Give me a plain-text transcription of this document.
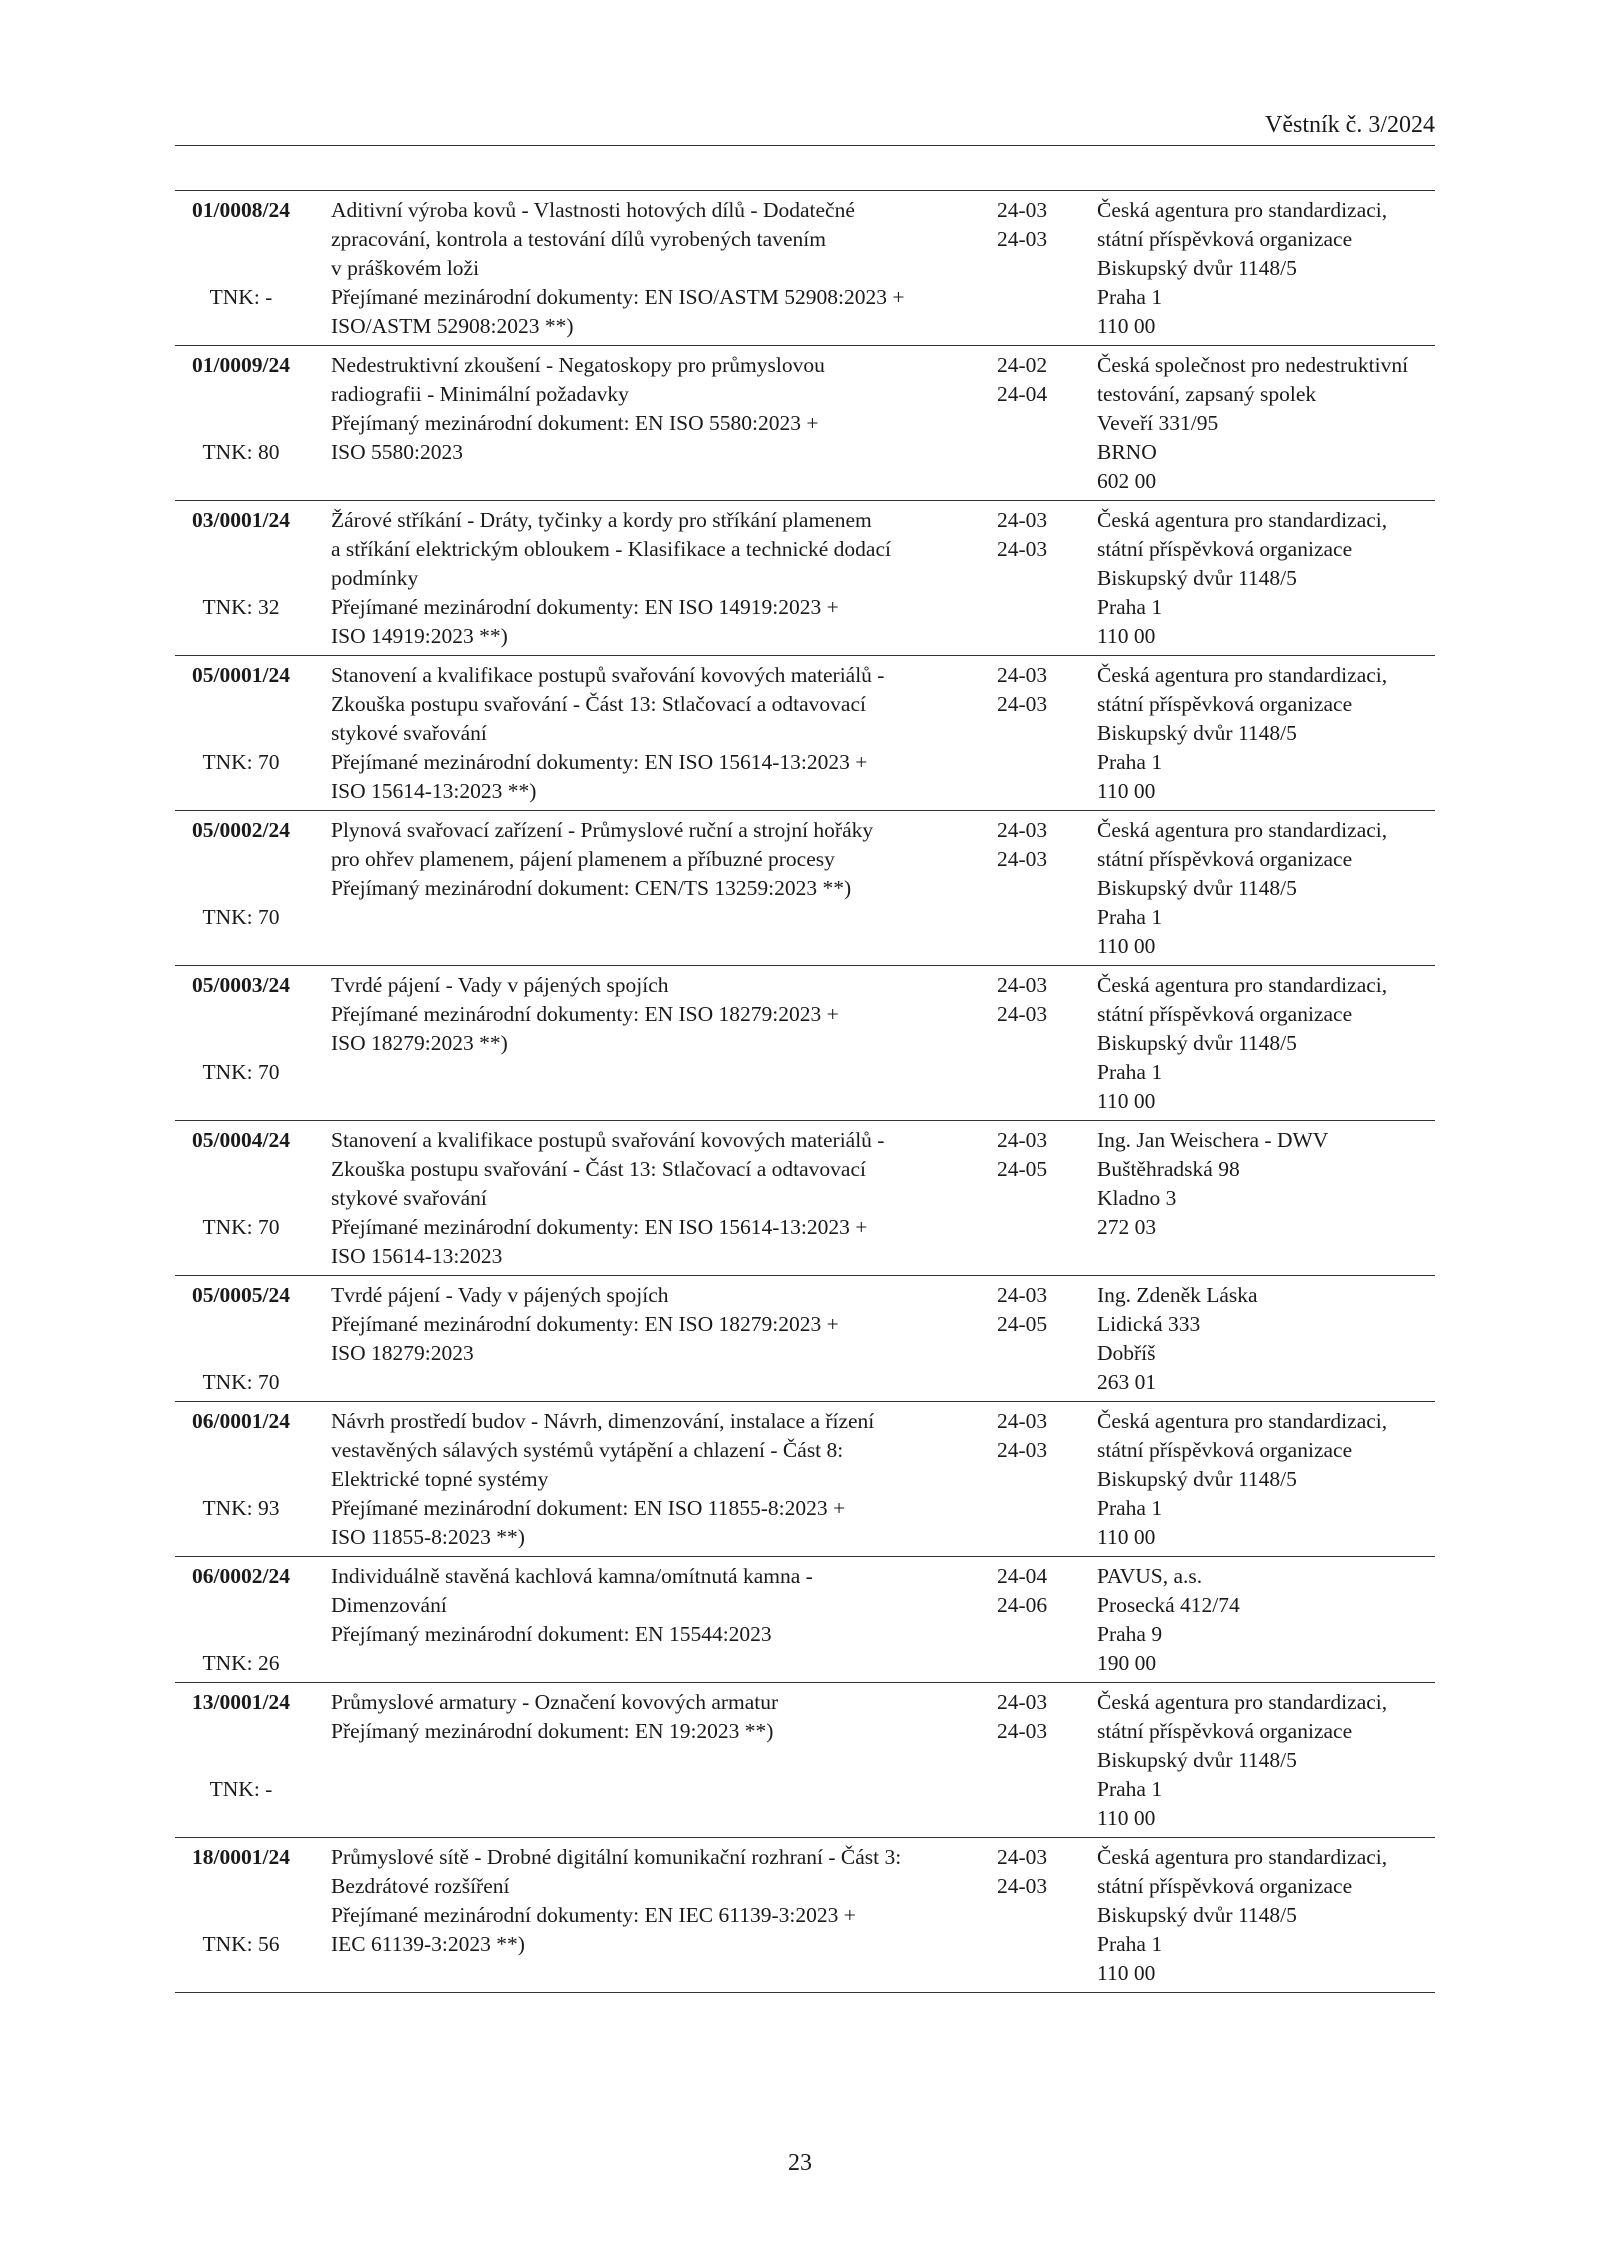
Věstník č. 3/2024
01/0008/24
TNK: -
Aditivní výroba kovů - Vlastnosti hotových dílů - Dodatečné
zpracování, kontrola a testování dílů vyrobených tavením
v práškovém loži
Přejímané mezinárodní dokumenty: EN ISO/ASTM 52908:2023 +
ISO/ASTM 52908:2023 **)
24-03
24-03
Česká agentura pro standardizaci,
státní příspěvková organizace
Biskupský dvůr 1148/5
Praha 1
110 00
01/0009/24
TNK: 80
Nedestruktivní zkoušení - Negatoskopy pro průmyslovou
radiografii - Minimální požadavky
Přejímaný mezinárodní dokument: EN ISO 5580:2023 +
ISO 5580:2023
24-02
24-04
Česká společnost pro nedestruktivní
testování, zapsaný spolek
Veveří 331/95
BRNO
602 00
03/0001/24
TNK: 32
Žárové stříkání - Dráty, tyčinky a kordy pro stříkání plamenem
a stříkání elektrickým obloukem - Klasifikace a technické dodací
podmínky
Přejímané mezinárodní dokumenty: EN ISO 14919:2023 +
ISO 14919:2023 **)
24-03
24-03
Česká agentura pro standardizaci,
státní příspěvková organizace
Biskupský dvůr 1148/5
Praha 1
110 00
05/0001/24
TNK: 70
Stanovení a kvalifikace postupů svařování kovových materiálů -
Zkouška postupu svařování - Část 13: Stlačovací a odtavovací
stykové svařování
Přejímané mezinárodní dokumenty: EN ISO 15614-13:2023 +
ISO 15614-13:2023 **)
24-03
24-03
Česká agentura pro standardizaci,
státní příspěvková organizace
Biskupský dvůr 1148/5
Praha 1
110 00
05/0002/24
TNK: 70
Plynová svařovací zařízení - Průmyslové ruční a strojní hořáky
pro ohřev plamenem, pájení plamenem a příbuzné procesy
Přejímaný mezinárodní dokument: CEN/TS 13259:2023 **)
24-03
24-03
Česká agentura pro standardizaci,
státní příspěvková organizace
Biskupský dvůr 1148/5
Praha 1
110 00
05/0003/24
TNK: 70
Tvrdé pájení - Vady v pájených spojích
Přejímané mezinárodní dokumenty: EN ISO 18279:2023 +
ISO 18279:2023 **)
24-03
24-03
Česká agentura pro standardizaci,
státní příspěvková organizace
Biskupský dvůr 1148/5
Praha 1
110 00
05/0004/24
TNK: 70
Stanovení a kvalifikace postupů svařování kovových materiálů -
Zkouška postupu svařování - Část 13: Stlačovací a odtavovací
stykové svařování
Přejímané mezinárodní dokumenty: EN ISO 15614-13:2023 +
ISO 15614-13:2023
24-03
24-05
Ing. Jan Weischera - DWV
Buštěhradská 98
Kladno 3
272 03
05/0005/24
TNK: 70
Tvrdé pájení - Vady v pájených spojích
Přejímané mezinárodní dokumenty: EN ISO 18279:2023 +
ISO 18279:2023
24-03
24-05
Ing. Zdeněk Láska
Lidická 333
Dobříš
263 01
06/0001/24
TNK: 93
Návrh prostředí budov - Návrh, dimenzování, instalace a řízení
vestavěných sálavých systémů vytápění a chlazení - Část 8:
Elektrické topné systémy
Přejímané mezinárodní dokument: EN ISO 11855-8:2023 +
ISO 11855-8:2023 **)
24-03
24-03
Česká agentura pro standardizaci,
státní příspěvková organizace
Biskupský dvůr 1148/5
Praha 1
110 00
06/0002/24
TNK: 26
Individuálně stavěná kachlová kamna/omítnutá kamna -
Dimenzování
Přejímaný mezinárodní dokument: EN 15544:2023
24-04
24-06
PAVUS, a.s.
Prosecká 412/74
Praha 9
190 00
13/0001/24
TNK: -
Průmyslové armatury - Označení kovových armatur
Přejímaný mezinárodní dokument: EN 19:2023 **)
24-03
24-03
Česká agentura pro standardizaci,
státní příspěvková organizace
Biskupský dvůr 1148/5
Praha 1
110 00
18/0001/24
TNK: 56
Průmyslové sítě - Drobné digitální komunikační rozhraní - Část 3:
Bezdrátové rozšíření
Přejímané mezinárodní dokumenty: EN IEC 61139-3:2023 +
IEC 61139-3:2023 **)
24-03
24-03
Česká agentura pro standardizaci,
státní příspěvková organizace
Biskupský dvůr 1148/5
Praha 1
110 00
23
